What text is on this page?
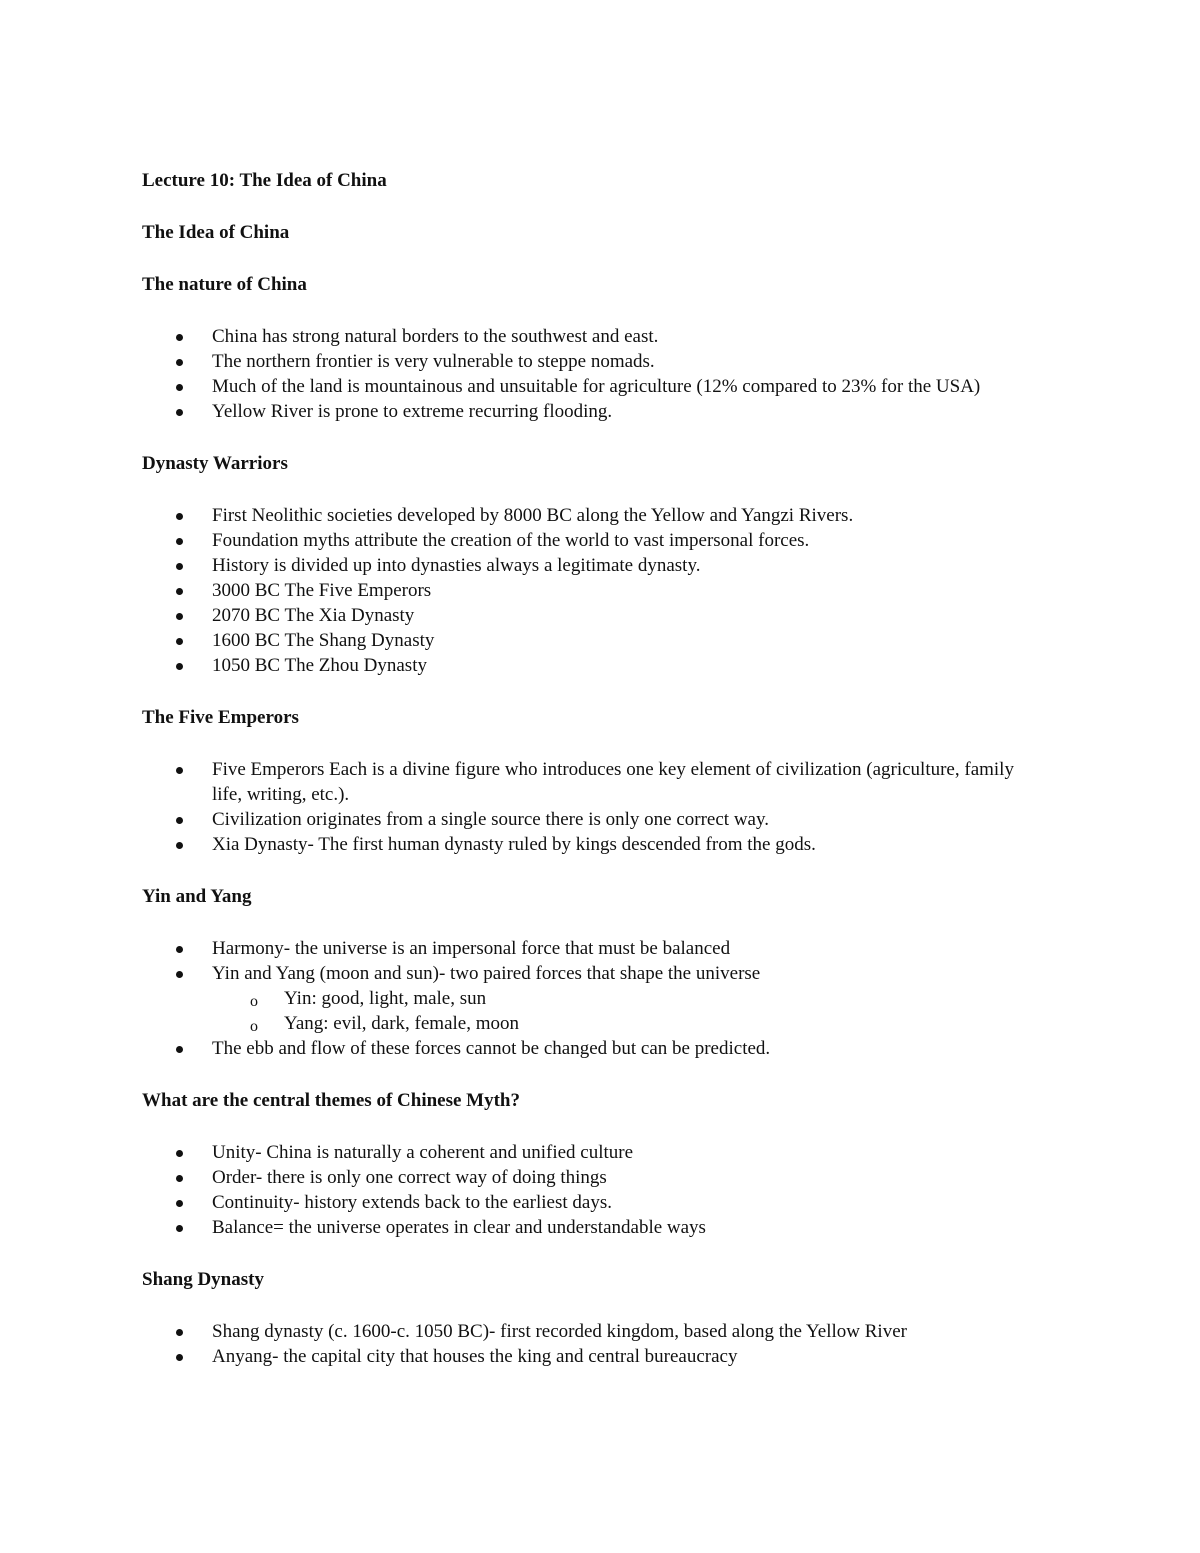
Lecture 10: The Idea of China
The Idea of China
The nature of China
China has strong natural borders to the southwest and east.
The northern frontier is very vulnerable to steppe nomads.
Much of the land is mountainous and unsuitable for agriculture (12% compared to 23% for the USA)
Yellow River is prone to extreme recurring flooding.
Dynasty Warriors
First Neolithic societies developed by 8000 BC along the Yellow and Yangzi Rivers.
Foundation myths attribute the creation of the world to vast impersonal forces.
History is divided up into dynasties always a legitimate dynasty.
3000 BC The Five Emperors
2070 BC The Xia Dynasty
1600 BC The Shang Dynasty
1050 BC The Zhou Dynasty
The Five Emperors
Five Emperors Each is a divine figure who introduces one key element of civilization (agriculture, family life, writing, etc.).
Civilization originates from a single source there is only one correct way.
Xia Dynasty- The first human dynasty ruled by kings descended from the gods.
Yin and Yang
Harmony- the universe is an impersonal force that must be balanced
Yin and Yang (moon and sun)- two paired forces that shape the universe
o Yin: good, light, male, sun
o Yang: evil, dark, female, moon
The ebb and flow of these forces cannot be changed but can be predicted.
What are the central themes of Chinese Myth?
Unity- China is naturally a coherent and unified culture
Order- there is only one correct way of doing things
Continuity- history extends back to the earliest days.
Balance= the universe operates in clear and understandable ways
Shang Dynasty
Shang dynasty (c. 1600-c. 1050 BC)- first recorded kingdom, based along the Yellow River
Anyang- the capital city that houses the king and central bureaucracy
